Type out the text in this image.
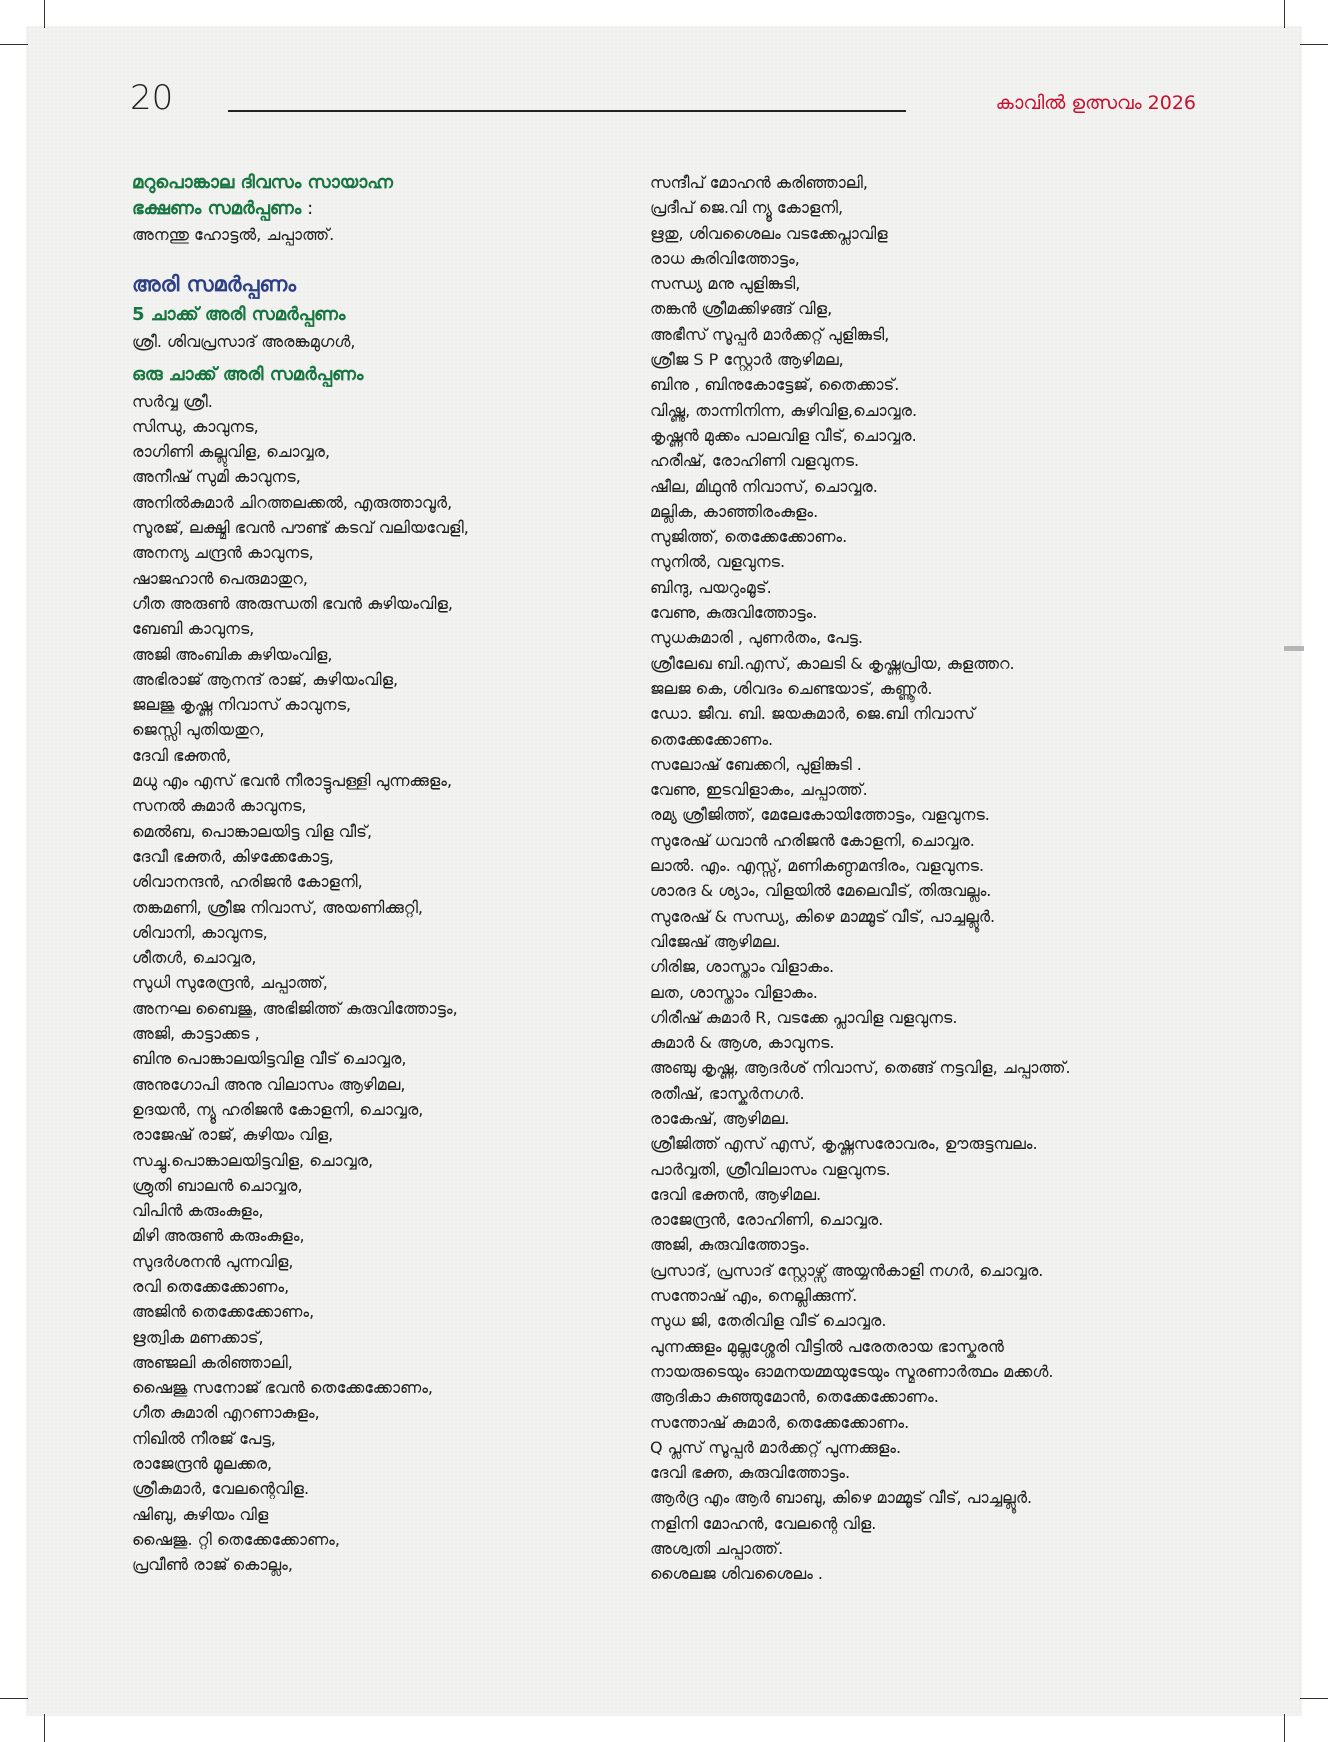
20	കാവിൽ ഉത്സവം 2026
മറുപൊങ്കാല ദിവസം സായാഹ്ന
ഭക്ഷണം സമർപ്പണം :
അനന്തു ഹോട്ടൽ, ചപ്പാത്ത്.
അരി സമർപ്പണം
5 ചാക്ക് അരി സമർപ്പണം
ശ്രീ. ശിവപ്രസാദ് അരങ്കമുഗൾ,
ഒരു ചാക്ക് അരി സമർപ്പണം
സർവ്വ ശ്രീ.
സിന്ധു, കാവുനട,
രാഗിണി കല്ലുവിള, ചൊവ്വര,
അനീഷ് സുമി കാവുനട,
അനിൽകുമാർ ചിറത്തലക്കൽ, എരുത്താവൂർ,
സൂരജ്, ലക്ഷ്മി ഭവൻ പൗണ്ട് കടവ് വലിയവേളി,
അനന്യ ചന്ദ്രൻ കാവുനട,
ഷാജഹാൻ പെരുമാതുറ,
ഗീത അരുൺ അരുന്ധതി ഭവൻ കുഴിയംവിള,
ബേബി കാവുനട,
അജി അംബിക കുഴിയംവിള,
അഭിരാജ് ആനന്ദ് രാജ്, കുഴിയംവിള,
ജലജു കൃഷ്ണ നിവാസ് കാവുനട,
ജെസ്സി പുതിയതുറ,
ദേവി ഭക്തൻ,
മധു എം എസ് ഭവൻ നീരാട്ടുപള്ളി പുന്നക്കുളം,
സനൽ കുമാർ കാവുനട,
മെൽബ, പൊങ്കാലയിട്ട വിള വീട്,
ദേവീ ഭക്തർ, കിഴക്കേകോട്ട,
ശിവാനന്ദൻ, ഹരിജൻ കോളനി,
തങ്കമണി, ശ്രീജ നിവാസ്, അയണിക്കുറ്റി,
ശിവാനി, കാവുനട,
ശീതൾ, ചൊവ്വര,
സുധി സുരേന്ദ്രൻ, ചപ്പാത്ത്,
അനഘ ബൈജു, അഭിജിത്ത് കുരുവിത്തോട്ടം,
അജി, കാട്ടാക്കട ,
ബിനു പൊങ്കാലയിട്ടവിള വീട് ചൊവ്വര,
അനുഗോപി അനു വിലാസം ആഴിമല,
ഉദയൻ, ന്യൂ ഹരിജൻ കോളനി, ചൊവ്വര,
രാജേഷ് രാജ്, കുഴിയം വിള,
സച്ചു.പൊങ്കാലയിട്ടവിള, ചൊവ്വര,
ശ്രുതി ബാലൻ ചൊവ്വര,
വിപിൻ കരുംകുളം,
മിഴി അരുൺ കരുംകുളം,
സുദർശനൻ പുന്നവിള,
രവി തെക്കേക്കോണം,
അജിൻ തെക്കേക്കോണം,
ഋത്വിക മണക്കാട്,
അഞ്ജലി കരിഞ്ഞാലി,
ഷൈജു സനോജ് ഭവൻ തെക്കേക്കോണം,
ഗീത കുമാരി എറണാകുളം,
നിഖിൽ നീരജ് പേട്ട,
രാജേന്ദ്രൻ മൂലക്കര,
ശ്രീകുമാർ, വേലന്റെവിള.
ഷിബു, കുഴിയം വിള
ഷൈജു. റ്റി തെക്കേക്കോണം,
പ്രവീൺ രാജ് കൊല്ലം,
സന്ദീപ് മോഹൻ കരിഞ്ഞാലി,
പ്രദീപ് ജെ.വി ന്യൂ കോളനി,
ഋതു, ശിവശൈലം വടക്കേപ്ലാവിള
രാധ കുരിവിത്തോട്ടം,
സന്ധ്യ മനു പുളിങ്കുടി,
തങ്കൻ ശ്രീമക്കിഴങ്ങ് വിള,
അഭീസ് സൂപ്പർ മാർക്കറ്റ് പുളിങ്കുടി,
ശ്രീജ S P സ്റ്റോർ ആഴിമല,
ബിനു , ബിനുകോട്ടേജ്, തൈക്കാട്.
വിഷ്ണു, താന്നിനിന്ന, കുഴിവിള,ചൊവ്വര.
കൃഷ്ണൻ മുക്കം പാലവിള വീട്, ചൊവ്വര.
ഹരീഷ്, രോഹിണി വളവുനട.
ഷീല, മിഥുൻ നിവാസ്, ചൊവ്വര.
മല്ലിക, കാഞ്ഞിരംകുളം.
സുജിത്ത്, തെക്കേക്കോണം.
സുനിൽ, വളവുനട.
ബിന്ദു, പയറുംമൂട്.
വേണു, കുരുവിത്തോട്ടം.
സുധകുമാരി , പുണർതം, പേട്ട.
ശ്രീലേഖ ബി.എസ്, കാലടി & കൃഷ്ണപ്രിയ, കുളത്തറ.
ജലജ കെ, ശിവദം ചെണ്ടയാട്, കണ്ണൂർ.
ഡോ. ജീവ. ബി. ജയകുമാർ, ജെ.ബി നിവാസ്
തെക്കേക്കോണം.
സലോഷ് ബേക്കറി, പുളിങ്കുടി .
വേണു, ഇടവിളാകം, ചപ്പാത്ത്.
രമ്യ ശ്രീജിത്ത്, മേലേകോയിത്തോട്ടം, വളവുനട.
സുരേഷ് ധവാൻ ഹരിജൻ കോളനി, ചൊവ്വര.
ലാൽ. എം. എസ്സ്, മണികണ്ഠമന്ദിരം, വളവുനട.
ശാരദ & ശ്യാം, വിളയിൽ മേലെവീട്, തിരുവല്ലം.
സുരേഷ് & സന്ധ്യ, കിഴെ മാമ്മൂട് വീട്, പാച്ചല്ലൂർ.
വിജേഷ് ആഴിമല.
ഗിരിജ, ശാസ്താം വിളാകം.
ലത, ശാസ്താം വിളാകം.
ഗിരീഷ് കുമാർ R, വടക്കേ പ്ലാവിള വളവുനട.
കുമാർ & ആശ, കാവുനട.
അഞ്ചു കൃഷ്ണ, ആദർശ് നിവാസ്, തെങ്ങ് നട്ടവിള, ചപ്പാത്ത്.
രതീഷ്, ഭാസ്കർനഗർ.
രാകേഷ്, ആഴിമല.
ശ്രീജിത്ത് എസ് എസ്, കൃഷ്ണസരോവരം, ഊരുട്ടമ്പലം.
പാർവ്വതി, ശ്രീവിലാസം വളവുനട.
ദേവി ഭക്തൻ, ആഴിമല.
രാജേന്ദ്രൻ, രോഹിണി, ചൊവ്വര.
അജി, കുരുവിത്തോട്ടം.
പ്രസാദ്, പ്രസാദ് സ്റ്റോഴ്സ് അയ്യൻകാളി നഗർ, ചൊവ്വര.
സന്തോഷ് എം, നെല്ലിക്കുന്ന്.
സുധ ജി, തേരിവിള വീട് ചൊവ്വര.
പുന്നക്കുളം മുല്ലശ്ശേരി വീട്ടിൽ പരേതരായ ഭാസ്കരൻ
നായരുടെയും ഓമനയമ്മയുടേയും സ്മരണാർത്ഥം മക്കൾ.
ആദികാ കുഞ്ഞുമോൻ, തെക്കേക്കോണം.
സന്തോഷ് കുമാർ, തെക്കേക്കോണം.
Q പ്ലസ് സൂപ്പർ മാർക്കറ്റ് പുന്നക്കുളം.
ദേവി ഭക്ത, കുരുവിത്തോട്ടം.
ആർദ്ര എം ആർ ബാബു, കിഴെ മാമ്മൂട് വീട്, പാച്ചല്ലൂർ.
നളിനി മോഹൻ, വേലന്റെ വിള.
അശ്വതി ചപ്പാത്ത്.
ശൈലജ ശിവശൈലം .
